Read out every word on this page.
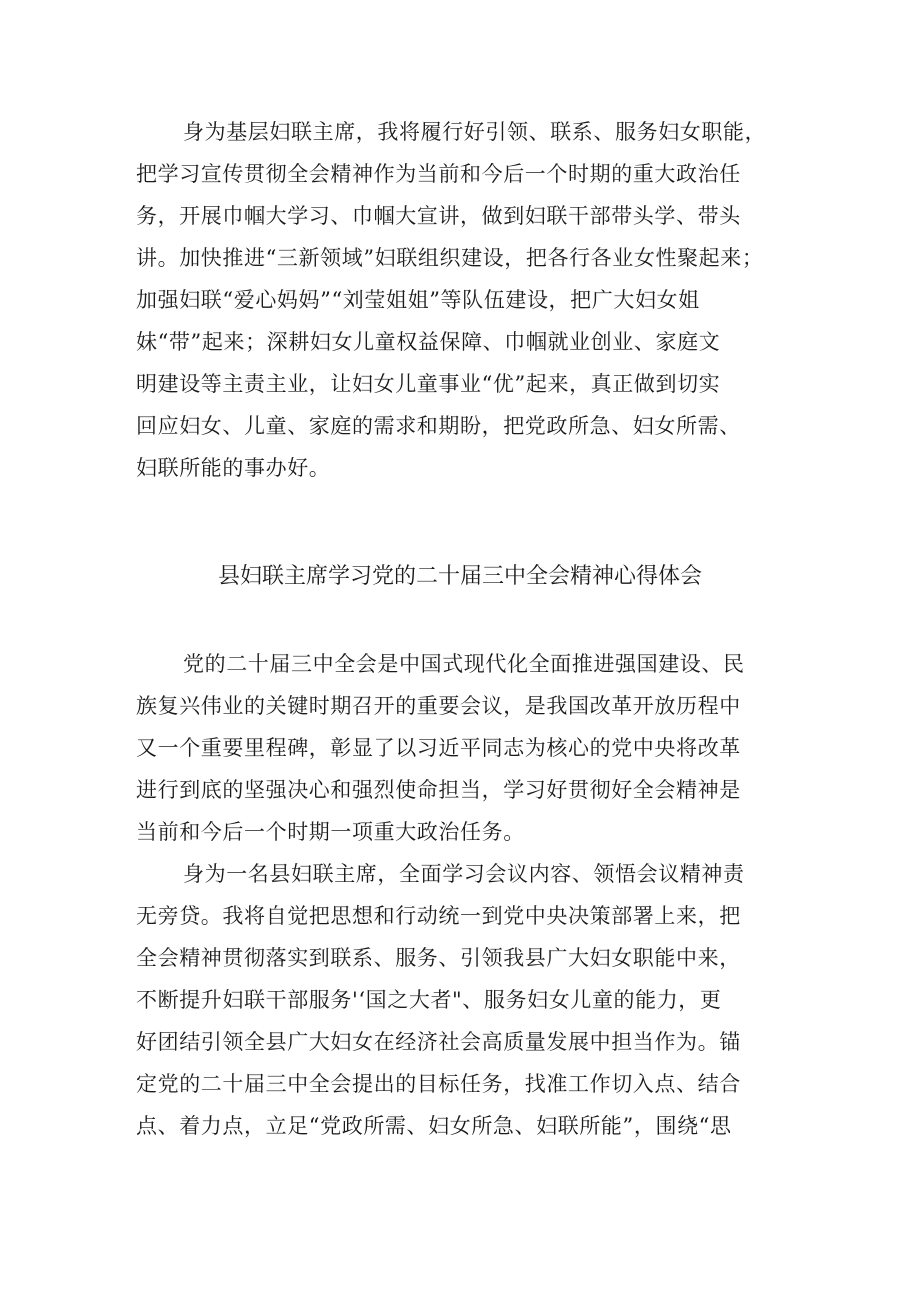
身为基层妇联主席，我将履行好引领、联系、服务妇女职能，
把学习宣传贯彻全会精神作为当前和今后一个时期的重大政治任
务，开展巾帼大学习、巾帼大宣讲，做到妇联干部带头学、带头
讲。加快推进“三新领域”妇联组织建设，把各行各业女性聚起来；
加强妇联“爱心妈妈”“刘莹姐姐”等队伍建设，把广大妇女姐
妹“带”起来；深耕妇女儿童权益保障、巾帼就业创业、家庭文
明建设等主责主业，让妇女儿童事业“优”起来，真正做到切实
回应妇女、儿童、家庭的需求和期盼，把党政所急、妇女所需、
妇联所能的事办好。
县妇联主席学习党的二十届三中全会精神心得体会
党的二十届三中全会是中国式现代化全面推进强国建设、民
族复兴伟业的关键时期召开的重要会议，是我国改革开放历程中
又一个重要里程碑，彰显了以习近平同志为核心的党中央将改革
进行到底的坚强决心和强烈使命担当，学习好贯彻好全会精神是
当前和今后一个时期一项重大政治任务。
身为一名县妇联主席，全面学习会议内容、领悟会议精神责
无旁贷。我将自觉把思想和行动统一到党中央决策部署上来，把
全会精神贯彻落实到联系、服务、引领我县广大妇女职能中来，
不断提升妇联干部服务'‘国之大者"、服务妇女儿童的能力，更
好团结引领全县广大妇女在经济社会高质量发展中担当作为。锚
定党的二十届三中全会提出的目标任务，找准工作切入点、结合
点、着力点，立足“党政所需、妇女所急、妇联所能”，围绕“思
